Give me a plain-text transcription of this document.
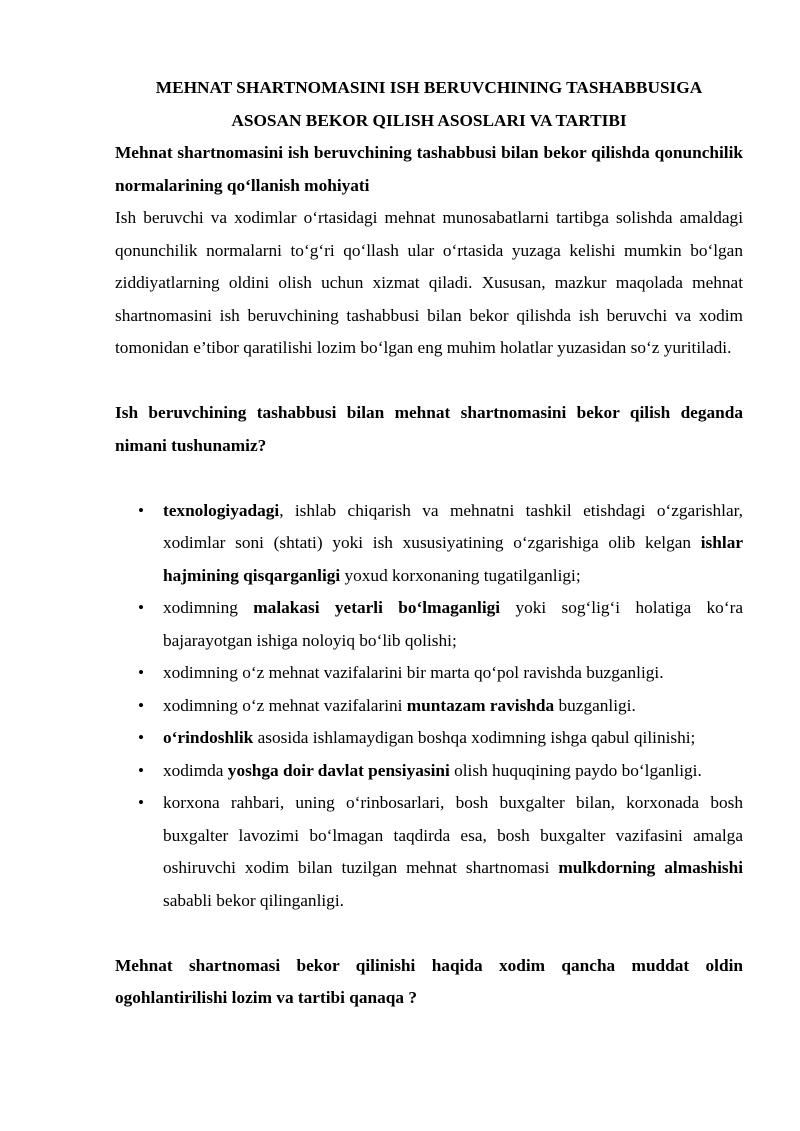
MEHNAT SHARTNOMASINI ISH BERUVCHINING TASHABBUSIGA
ASOSAN BEKOR QILISH ASOSLARI VA TARTIBI

Mehnat shartnomasini ish beruvchining tashabbusi bilan bekor qilishda qonunchilik normalarining qo‘llanish mohiyati

Ish beruvchi va xodimlar o‘rtasidagi mehnat munosabatlarni tartibga solishda amaldagi qonunchilik normalarni to‘g‘ri qo‘llash ular o‘rtasida yuzaga kelishi mumkin bo‘lgan ziddiyatlarning oldini olish uchun xizmat qiladi. Xususan, mazkur maqolada mehnat shartnomasini ish beruvchining tashabbusi bilan bekor qilishda ish beruvchi va xodim tomonidan e’tibor qaratilishi lozim bo‘lgan eng muhim holatlar yuzasidan so‘z yuritiladi.

Ish beruvchining tashabbusi bilan mehnat shartnomasini bekor qilish deganda nimani tushunamiz?

• texnologiyadagi, ishlab chiqarish va mehnatni tashkil etishdagi o‘zgarishlar, xodimlar soni (shtati) yoki ish xususiyatining o‘zgarishiga olib kelgan ishlar hajmining qisqarganligi yoxud korxonaning tugatilganligi;
• xodimning malakasi yetarli bo‘lmaganligi yoki sog‘lig‘i holatiga ko‘ra bajarayotgan ishiga noloyiq bo‘lib qolishi;
• xodimning o‘z mehnat vazifalarini bir marta qo‘pol ravishda buzganligi.
• xodimning o‘z mehnat vazifalarini muntazam ravishda buzganligi.
• o‘rindoshlik asosida ishlamaydigan boshqa xodimning ishga qabul qilinishi;
• xodimda yoshga doir davlat pensiyasini olish huquqining paydo bo‘lganligi.
• korxona rahbari, uning o‘rinbosarlari, bosh buxgalter bilan, korxonada bosh buxgalter lavozimi bo‘lmagan taqdirda esa, bosh buxgalter vazifasini amalga oshiruvchi xodim bilan tuzilgan mehnat shartnomasi mulkdorning almashishi sababli bekor qilinganligi.

Mehnat shartnomasi bekor qilinishi haqida xodim qancha muddat oldin ogohlantirilishi lozim va tartibi qanaqa ?
